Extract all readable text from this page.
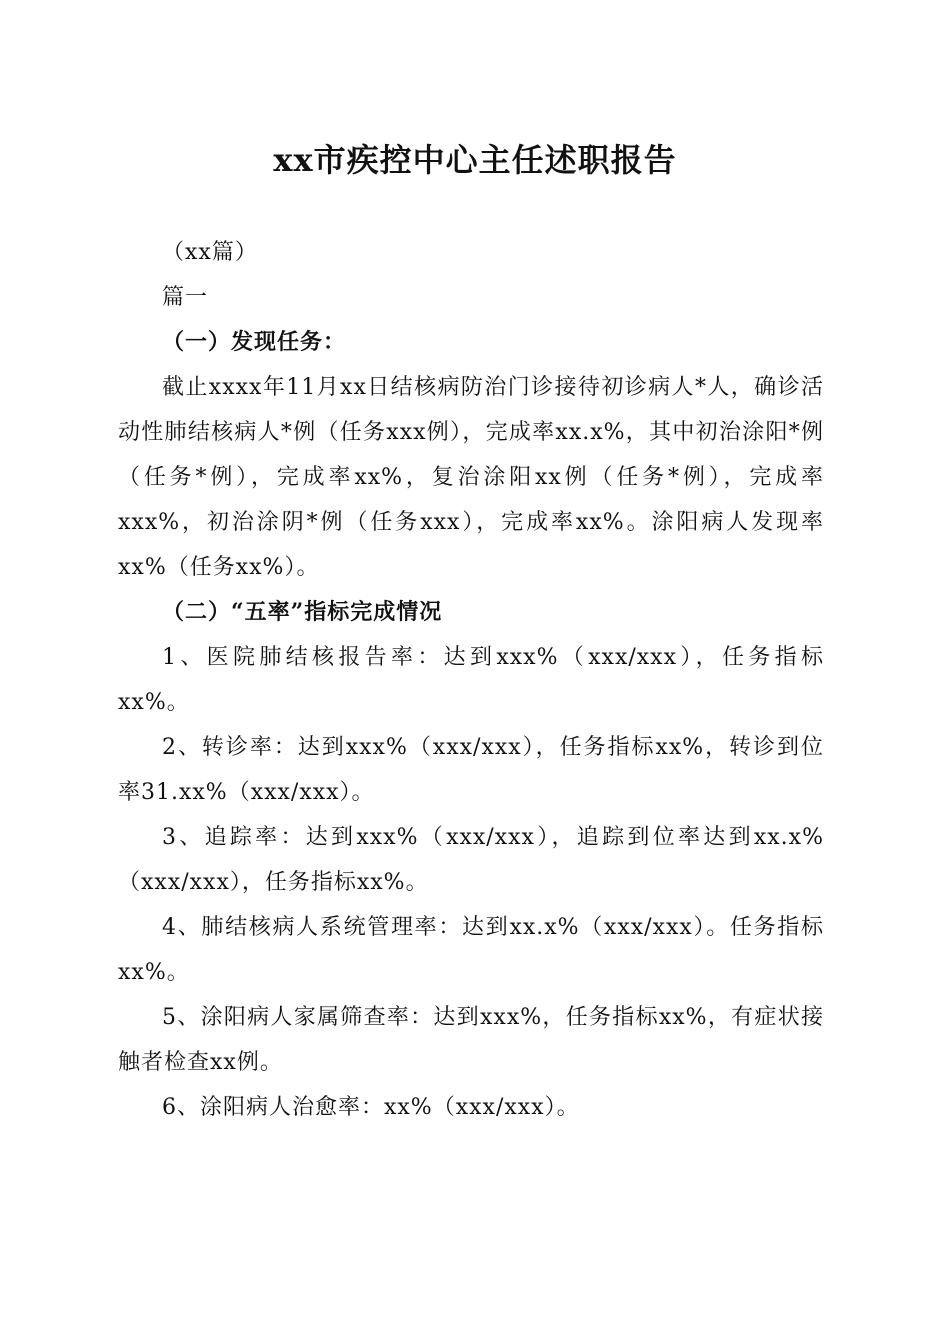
xx市疾控中心主任述职报告

（xx篇）

篇一

（一）发现任务：

截止xxxx年11月xx日结核病防治门诊接待初诊病人*人，确诊活动性肺结核病人*例（任务xxx例），完成率xx.x%，其中初治涂阳*例（任务*例），完成率xx%，复治涂阳xx例（任务*例），完成率xxx%，初治涂阴*例（任务xxx），完成率xx%。涂阳病人发现率xx%（任务xx%）。

（二）“五率”指标完成情况

1、医院肺结核报告率：达到xxx%（xxx/xxx），任务指标xx%。

2、转诊率：达到xxx%（xxx/xxx），任务指标xx%，转诊到位率31.xx%（xxx/xxx）。

3、追踪率：达到xxx%（xxx/xxx），追踪到位率达到xx.x%（xxx/xxx），任务指标xx%。

4、肺结核病人系统管理率：达到xx.x%（xxx/xxx）。任务指标xx%。

5、涂阳病人家属筛查率：达到xxx%，任务指标xx%，有症状接触者检查xx例。

6、涂阳病人治愈率：xx%（xxx/xxx）。
